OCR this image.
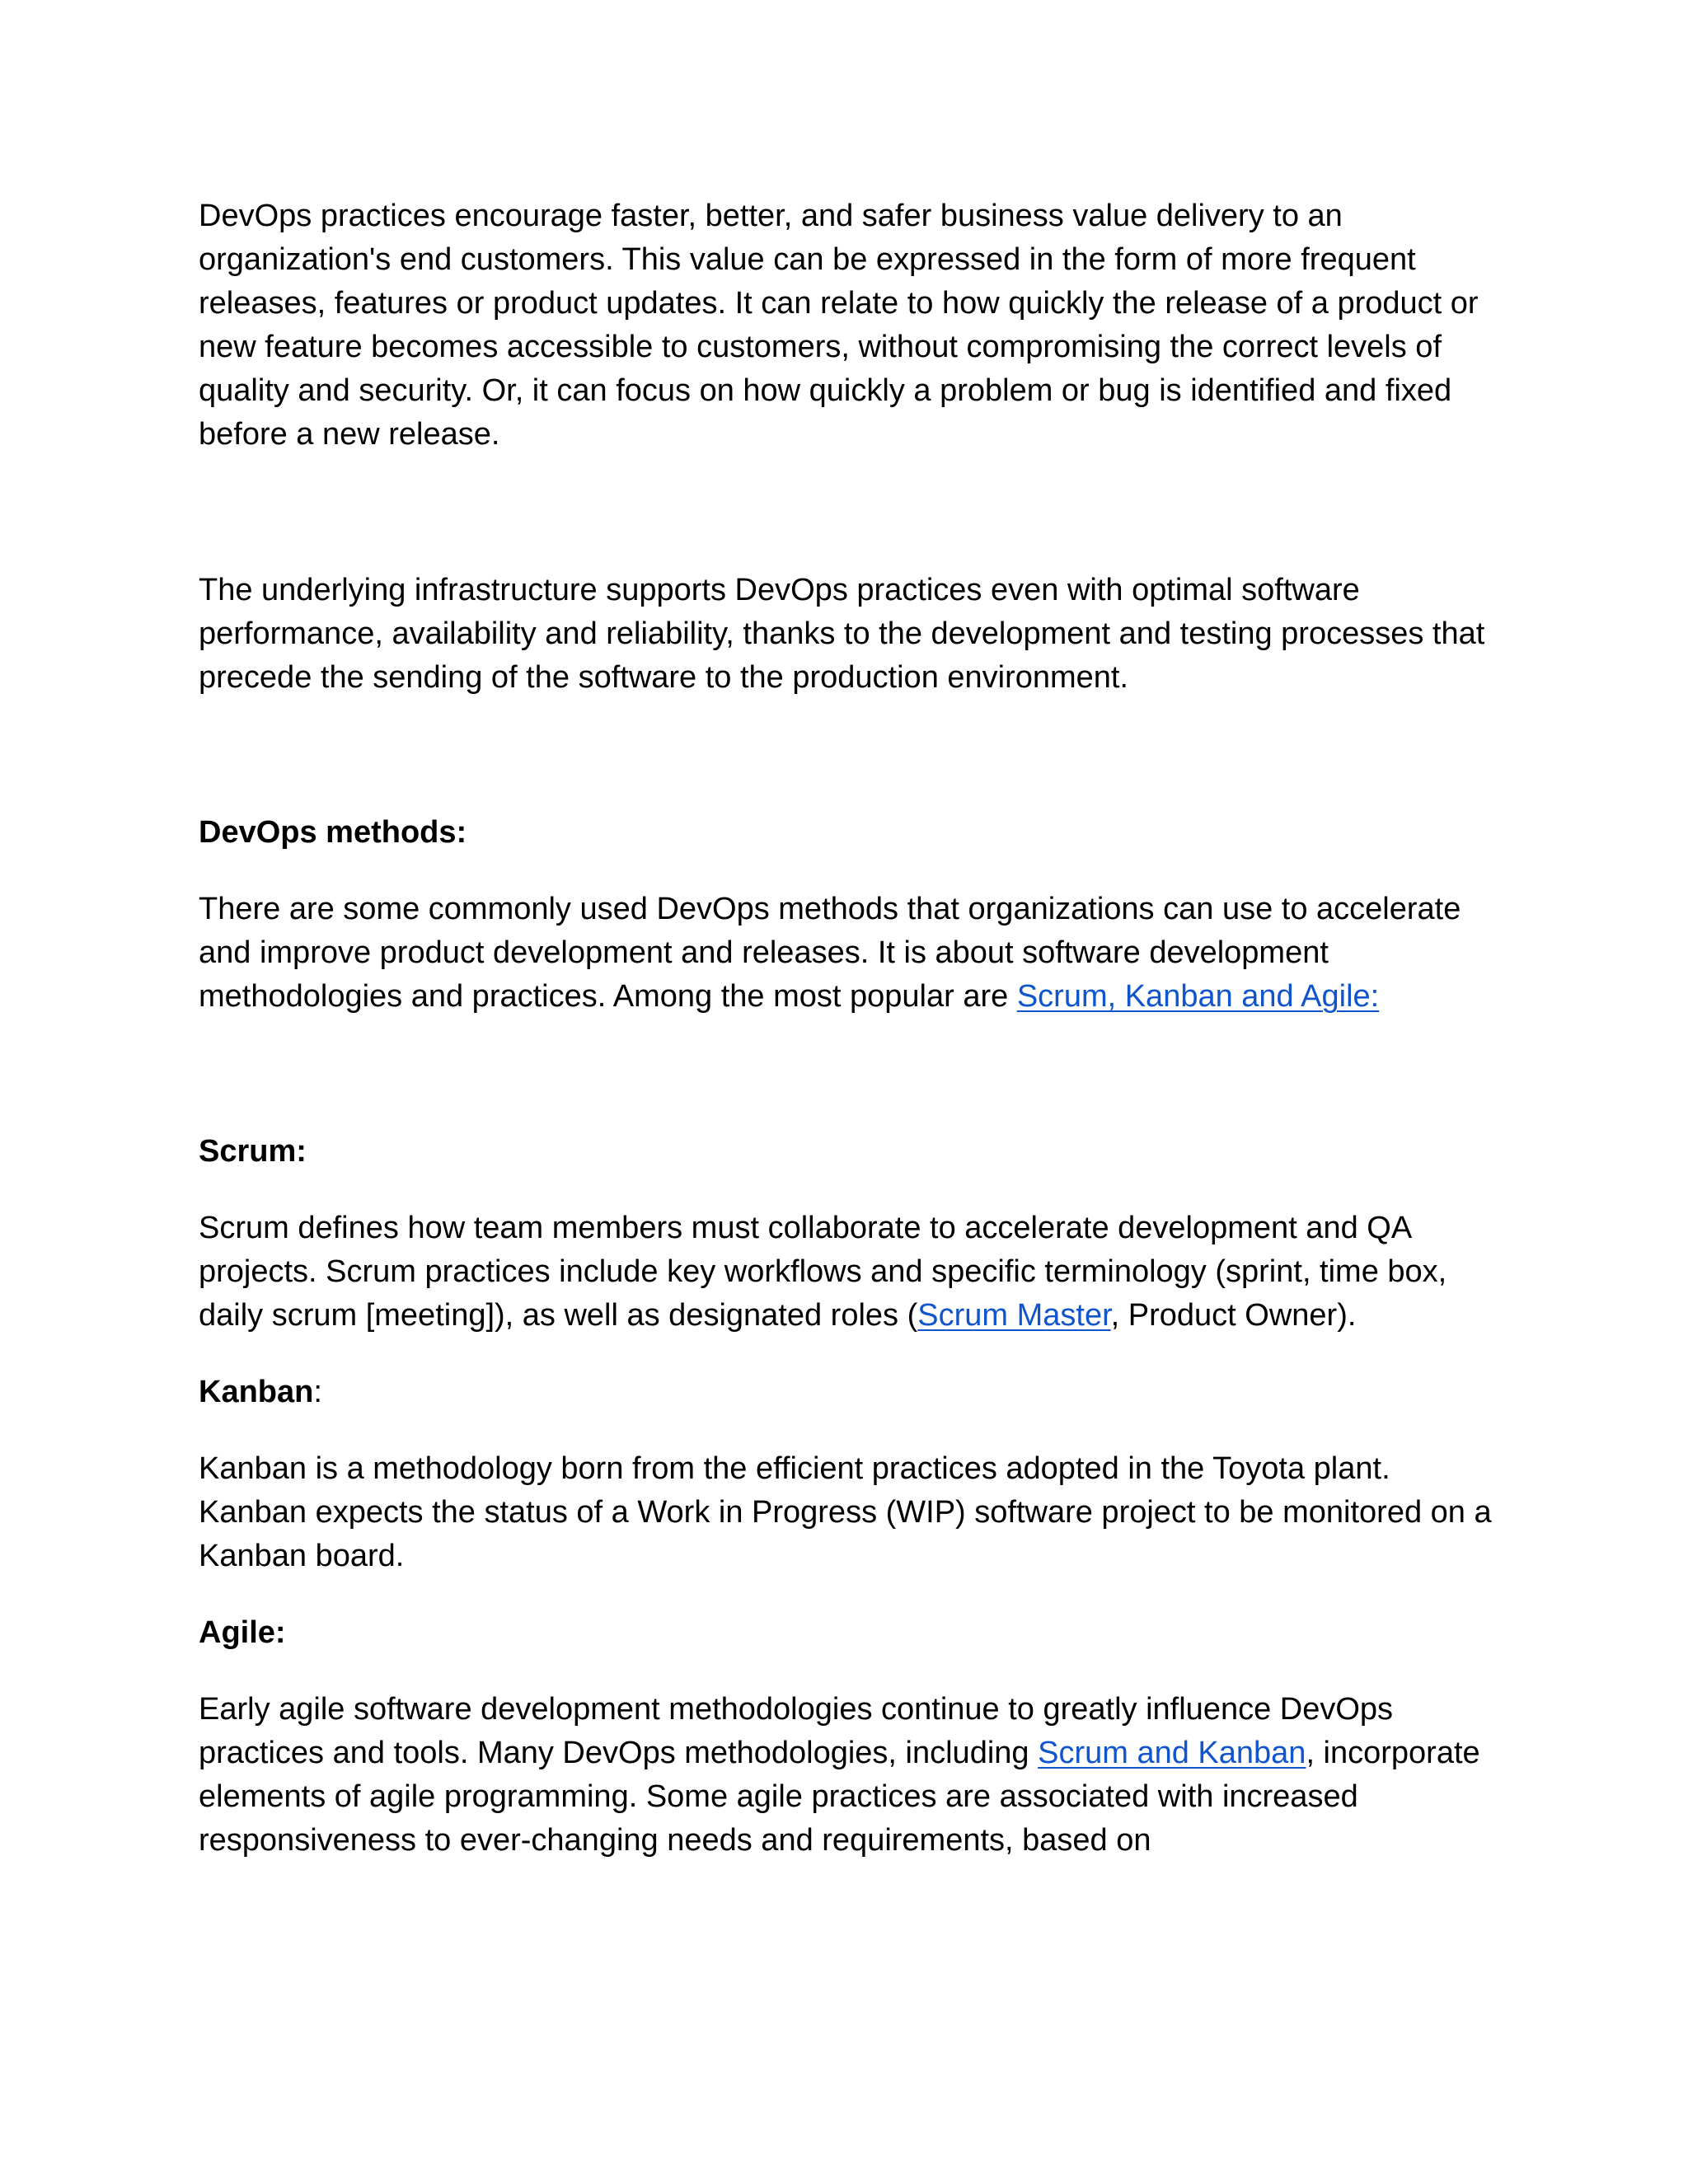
DevOps practices encourage faster, better, and safer business value delivery to an organization's end customers. This value can be expressed in the form of more frequent releases, features or product updates. It can relate to how quickly the release of a product or new feature becomes accessible to customers, without compromising the correct levels of quality and security. Or, it can focus on how quickly a problem or bug is identified and fixed before a new release.

The underlying infrastructure supports DevOps practices even with optimal software performance, availability and reliability, thanks to the development and testing processes that precede the sending of the software to the production environment.

DevOps methods:

There are some commonly used DevOps methods that organizations can use to accelerate and improve product development and releases. It is about software development methodologies and practices. Among the most popular are Scrum, Kanban and Agile:

Scrum:

Scrum defines how team members must collaborate to accelerate development and QA projects. Scrum practices include key workflows and specific terminology (sprint, time box, daily scrum [meeting]), as well as designated roles (Scrum Master, Product Owner).

Kanban:

Kanban is a methodology born from the efficient practices adopted in the Toyota plant. Kanban expects the status of a Work in Progress (WIP) software project to be monitored on a Kanban board.

Agile:

Early agile software development methodologies continue to greatly influence DevOps practices and tools. Many DevOps methodologies, including Scrum and Kanban, incorporate elements of agile programming. Some agile practices are associated with increased responsiveness to ever-changing needs and requirements, based on
